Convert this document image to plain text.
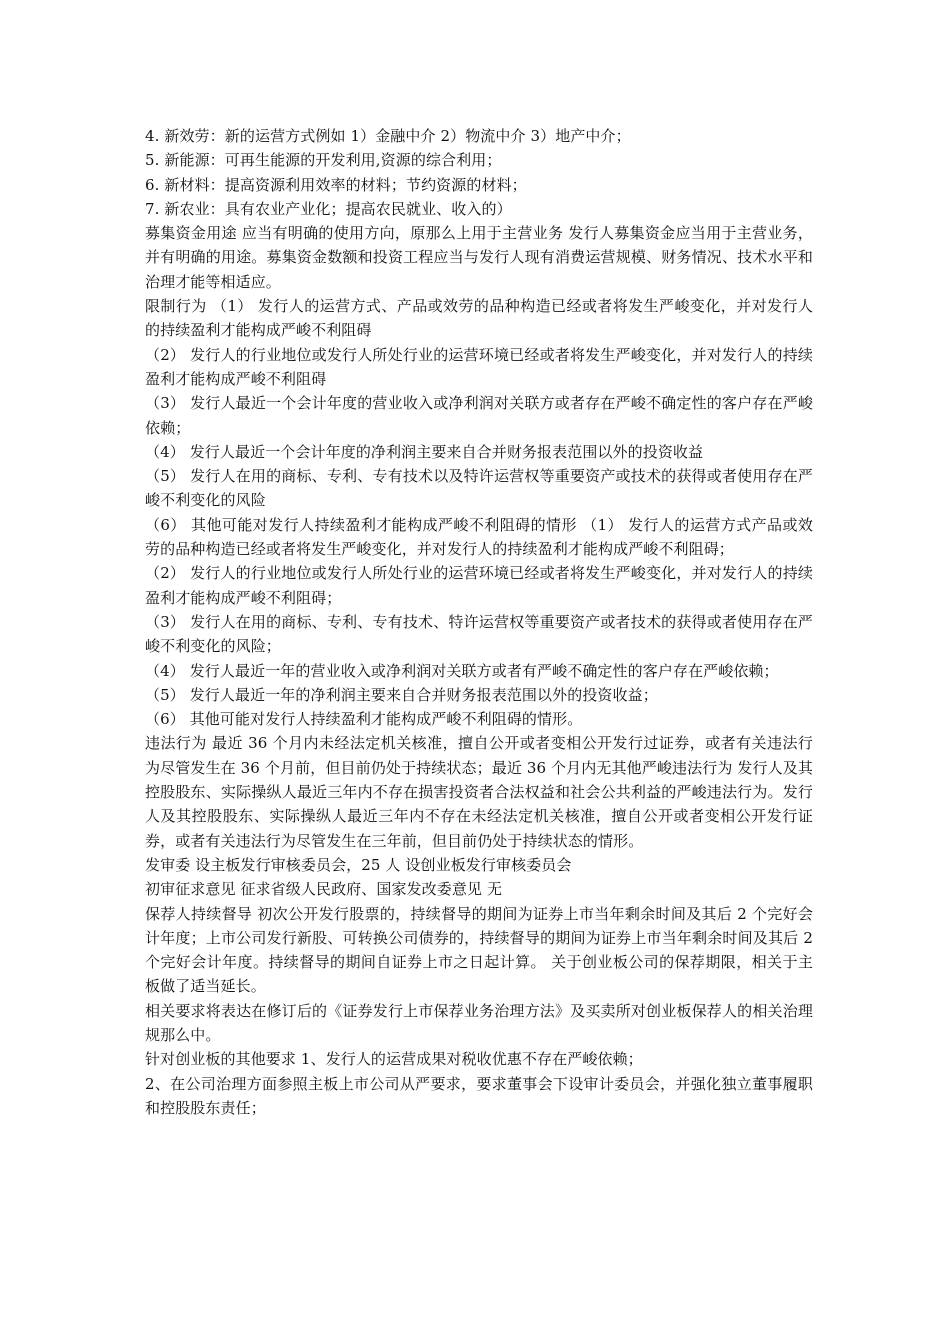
4. 新效劳：新的运营方式例如 1）金融中介 2）物流中介 3）地产中介；

5. 新能源：可再生能源的开发利用,资源的综合利用；

6. 新材料：提高资源利用效率的材料；节约资源的材料；

7. 新农业：具有农业产业化；提高农民就业、收入的）

募集资金用途 应当有明确的使用方向，原那么上用于主营业务 发行人募集资金应当用于主营业务，并有明确的用途。募集资金数额和投资工程应当与发行人现有消费运营规模、财务情况、技术水平和治理才能等相适应。

限制行为 （1） 发行人的运营方式、产品或效劳的品种构造已经或者将发生严峻变化，并对发行人的持续盈利才能构成严峻不利阻碍

（2） 发行人的行业地位或发行人所处行业的运营环境已经或者将发生严峻变化，并对发行人的持续盈利才能构成严峻不利阻碍

（3） 发行人最近一个会计年度的营业收入或净利润对关联方或者存在严峻不确定性的客户存在严峻依赖；

（4） 发行人最近一个会计年度的净利润主要来自合并财务报表范围以外的投资收益

（5） 发行人在用的商标、专利、专有技术以及特许运营权等重要资产或技术的获得或者使用存在严峻不利变化的风险

（6） 其他可能对发行人持续盈利才能构成严峻不利阻碍的情形 （1） 发行人的运营方式产品或效劳的品种构造已经或者将发生严峻变化，并对发行人的持续盈利才能构成严峻不利阻碍；

（2） 发行人的行业地位或发行人所处行业的运营环境已经或者将发生严峻变化，并对发行人的持续盈利才能构成严峻不利阻碍；

（3） 发行人在用的商标、专利、专有技术、特许运营权等重要资产或者技术的获得或者使用存在严峻不利变化的风险；

（4） 发行人最近一年的营业收入或净利润对关联方或者有严峻不确定性的客户存在严峻依赖；

（5） 发行人最近一年的净利润主要来自合并财务报表范围以外的投资收益；

（6） 其他可能对发行人持续盈利才能构成严峻不利阻碍的情形。

违法行为 最近 36 个月内未经法定机关核准，擅自公开或者变相公开发行过证券，或者有关违法行为尽管发生在 36 个月前，但目前仍处于持续状态；最近 36 个月内无其他严峻违法行为 发行人及其控股股东、实际操纵人最近三年内不存在损害投资者合法权益和社会公共利益的严峻违法行为。发行人及其控股股东、实际操纵人最近三年内不存在未经法定机关核准，擅自公开或者变相公开发行证券，或者有关违法行为尽管发生在三年前，但目前仍处于持续状态的情形。

发审委 设主板发行审核委员会，25 人 设创业板发行审核委员会

初审征求意见 征求省级人民政府、国家发改委意见 无

保荐人持续督导 初次公开发行股票的，持续督导的期间为证券上市当年剩余时间及其后 2 个完好会计年度；上市公司发行新股、可转换公司债券的，持续督导的期间为证券上市当年剩余时间及其后 2 个完好会计年度。持续督导的期间自证券上市之日起计算。 关于创业板公司的保荐期限，相关于主板做了适当延长。

相关要求将表达在修订后的《证券发行上市保荐业务治理方法》及买卖所对创业板保荐人的相关治理规那么中。

针对创业板的其他要求 1、发行人的运营成果对税收优惠不存在严峻依赖；

2、在公司治理方面参照主板上市公司从严要求，要求董事会下设审计委员会，并强化独立董事履职和控股股东责任；
